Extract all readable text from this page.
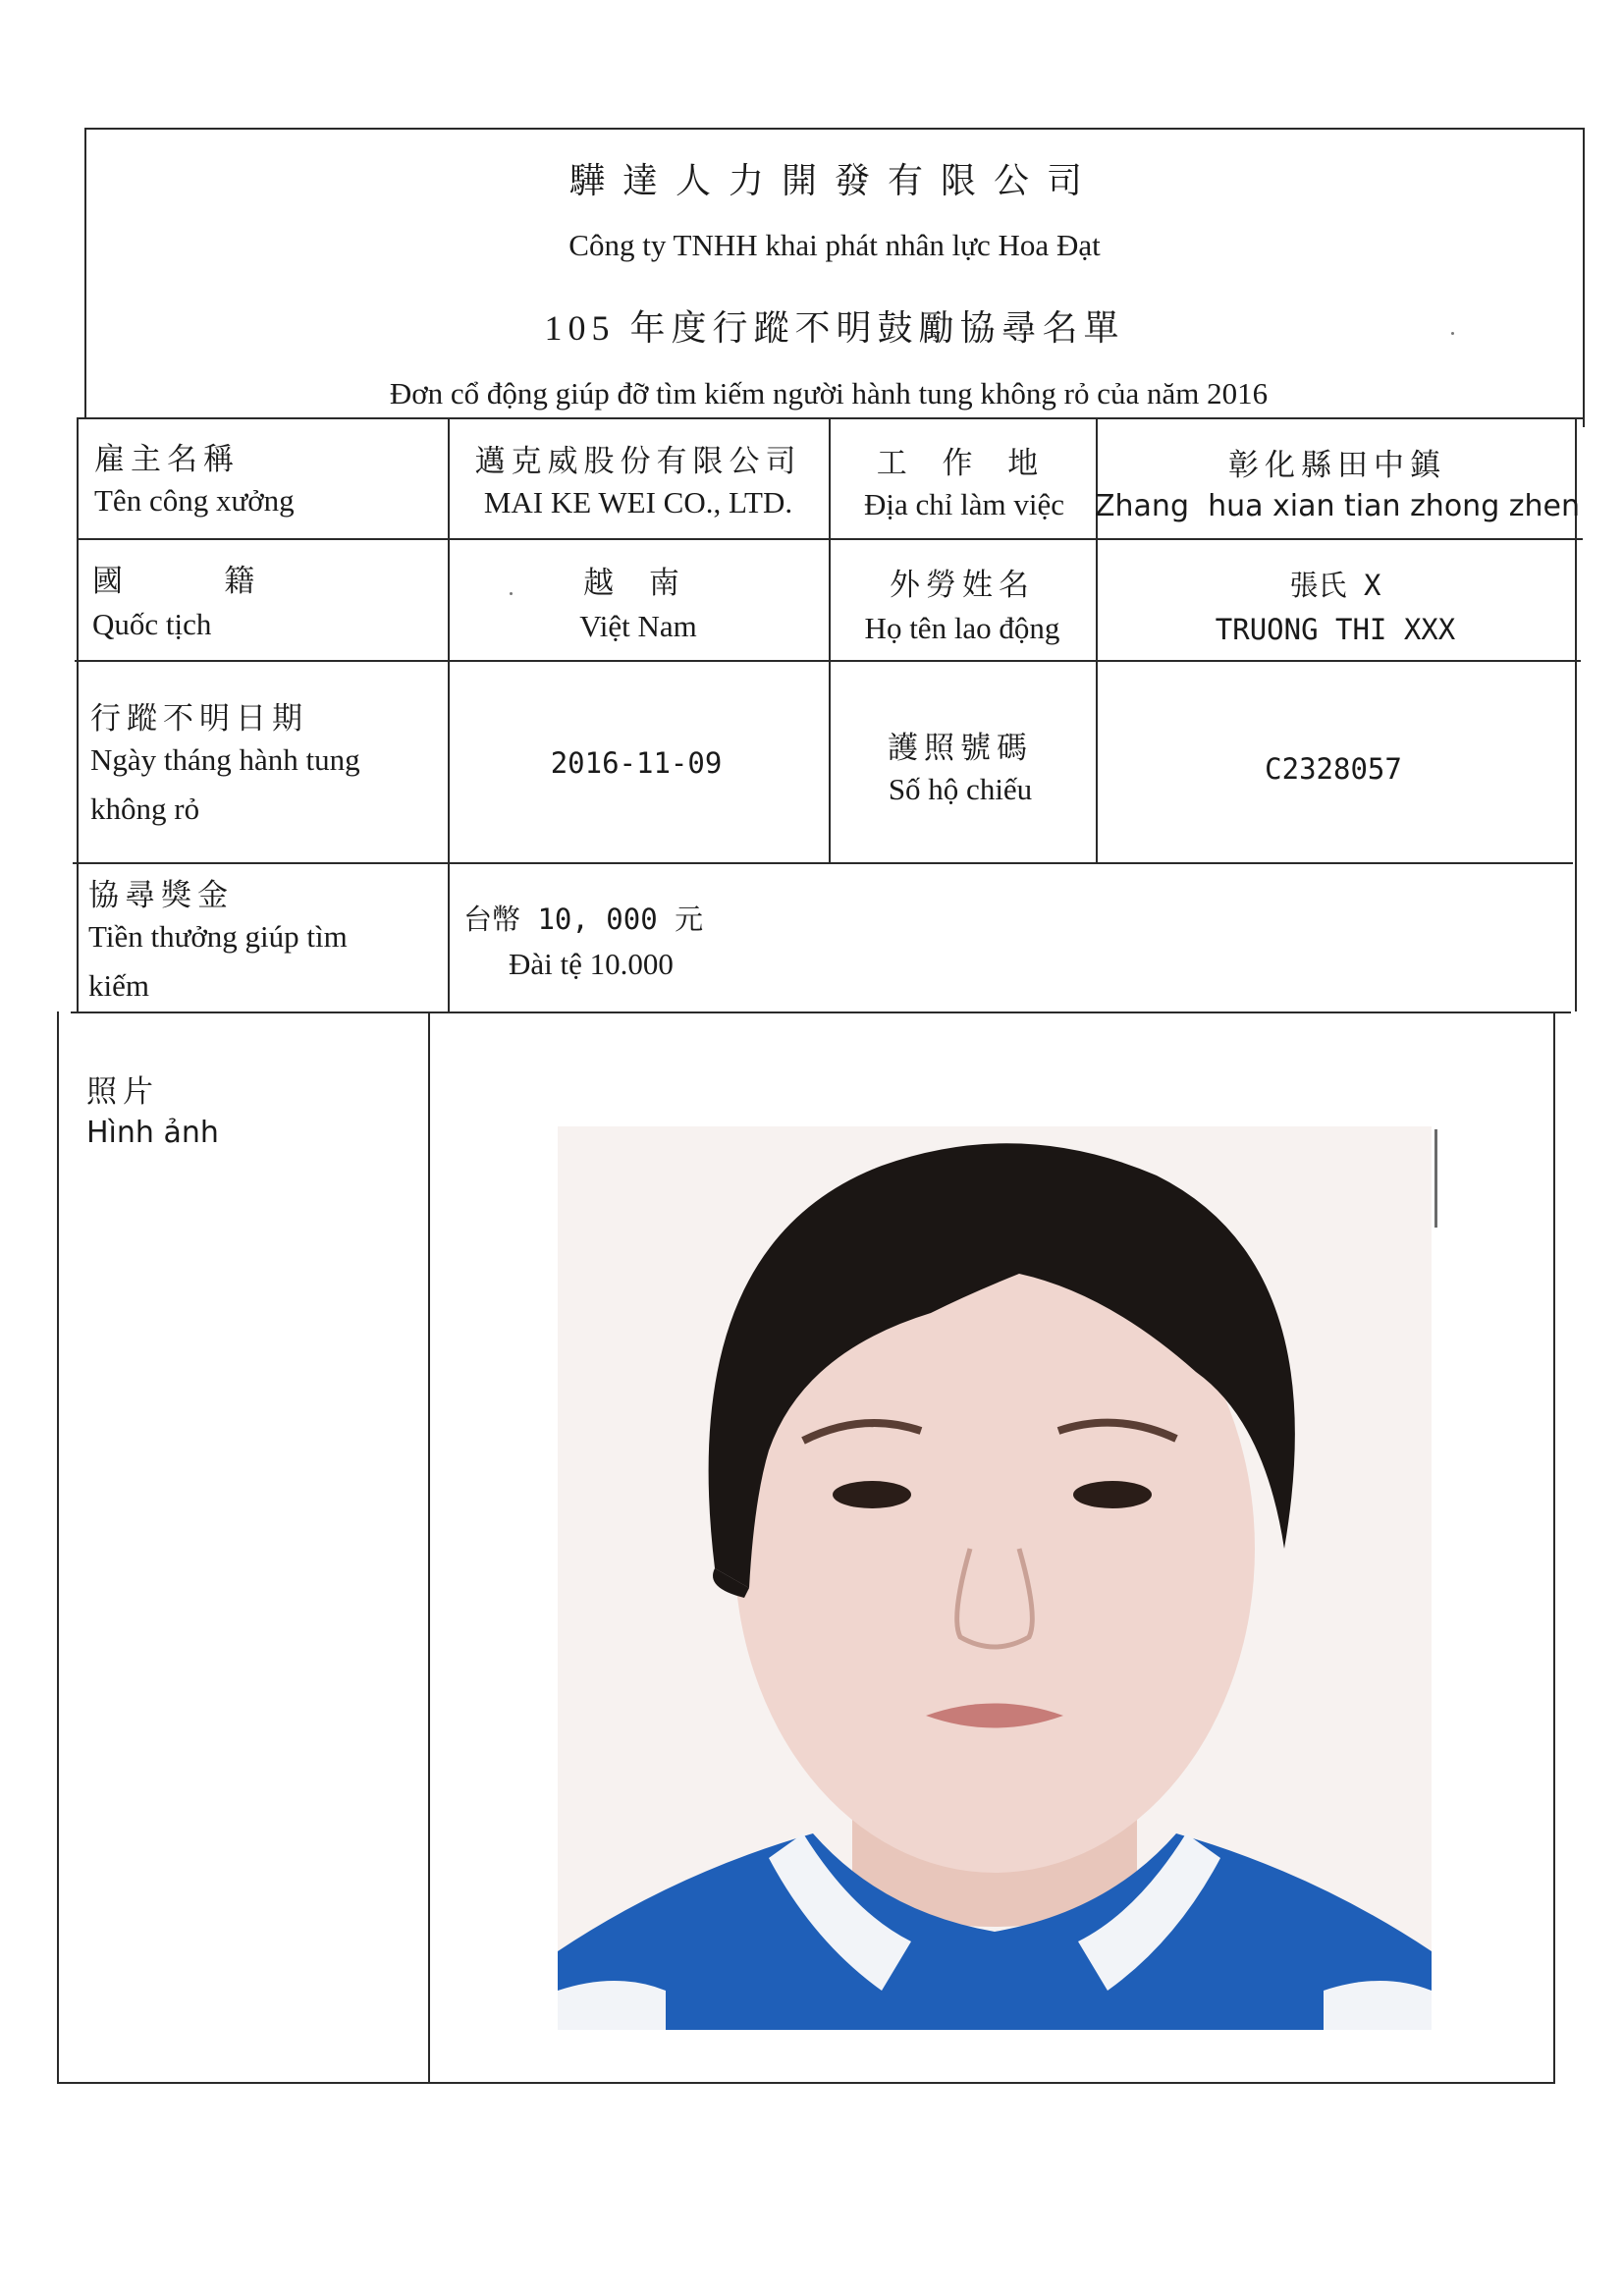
驊達人力開發有限公司
Công ty TNHH khai phát nhân lực Hoa Đạt
105 年度行蹤不明鼓勵協尋名單
Đơn cổ động giúp đỡ tìm kiếm người hành tung không rỏ của năm 2016
雇主名稱
Tên công xưởng
邁克威股份有限公司
MAI KE WEI CO., LTD.
工 作 地
Địa chỉ làm việc
彰化縣田中鎮
Zhang  hua xian tian zhong zhen
國   籍
Quốc tịch
越 南
Việt Nam
外勞姓名
Họ tên lao động
張氏 X
TRUONG THI XXX
行蹤不明日期
Ngày tháng hành tung
không rỏ
2016-11-09	護照號碼
Số hộ chiếu
C2328057
協尋獎金
Tiền thưởng giúp tìm
kiếm
台幣 10, 000 元
Đài tệ 10.000
照片
Hình ảnh
